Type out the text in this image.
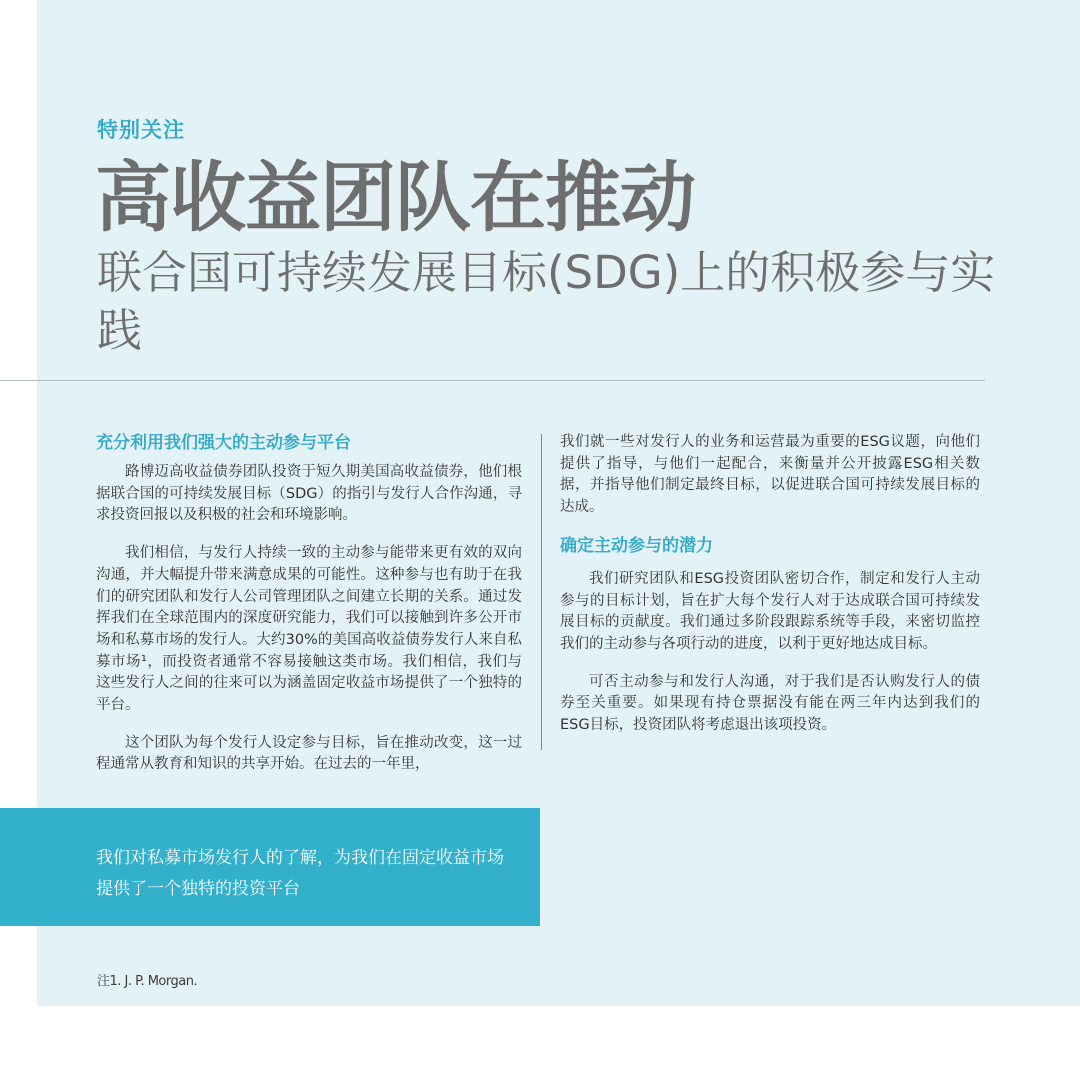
特别关注
高收益团队在推动
联合国可持续发展目标(SDG)上的积极参与实践
充分利用我们强大的主动参与平台

路博迈高收益债券团队投资于短久期美国高收益债券，他们根据联合国的可持续发展目标（SDG）的指引与发行人合作沟通，寻求投资回报以及积极的社会和环境影响。

我们相信，与发行人持续一致的主动参与能带来更有效的双向沟通，并大幅提升带来满意成果的可能性。这种参与也有助于在我们的研究团队和发行人公司管理团队之间建立长期的关系。通过发挥我们在全球范围内的深度研究能力，我们可以接触到许多公开市场和私募市场的发行人。大约30%的美国高收益债券发行人来自私募市场¹，而投资者通常不容易接触这类市场。我们相信，我们与这些发行人之间的往来可以为涵盖固定收益市场提供了一个独特的平台。

这个团队为每个发行人设定参与目标，旨在推动改变，这一过程通常从教育和知识的共享开始。在过去的一年里，

我们就一些对发行人的业务和运营最为重要的ESG议题，向他们提供了指导，与他们一起配合，来衡量并公开披露ESG相关数据，并指导他们制定最终目标，以促进联合国可持续发展目标的达成。

确定主动参与的潜力

我们研究团队和ESG投资团队密切合作，制定和发行人主动参与的目标计划，旨在扩大每个发行人对于达成联合国可持续发展目标的贡献度。我们通过多阶段跟踪系统等手段，来密切监控我们的主动参与各项行动的进度，以利于更好地达成目标。

可否主动参与和发行人沟通，对于我们是否认购发行人的债券至关重要。如果现有持仓票据没有能在两三年内达到我们的ESG目标，投资团队将考虑退出该项投资。

我们对私募市场发行人的了解，为我们在固定收益市场提供了一个独特的投资平台
注1. J. P. Morgan.
